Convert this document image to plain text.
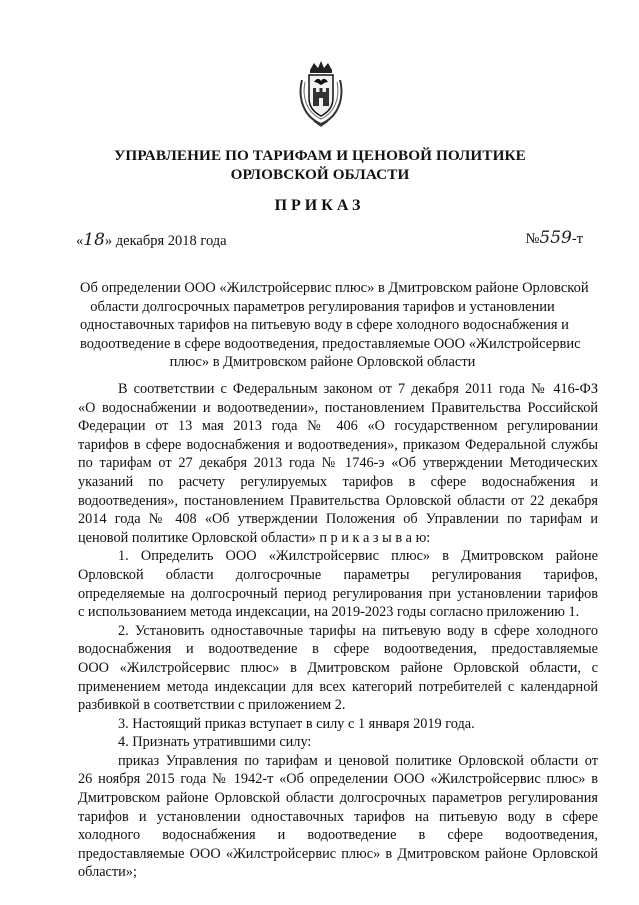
УПРАВЛЕНИЕ ПО ТАРИФАМ И ЦЕНОВОЙ ПОЛИТИКЕ
ОРЛОВСКОЙ ОБЛАСТИ
ПРИКАЗ
«18» декабря 2018 года	№559-т
Об определении ООО «Жилстройсервис плюс» в Дмитровском районе Орловской
области долгосрочных параметров регулирования тарифов и установлении
одноставочных тарифов на питьевую воду в сфере холодного водоснабжения и
водоотведение в сфере водоотведения, предоставляемые ООО «Жилстройсервис
плюс» в Дмитровском районе Орловской области
В соответствии с Федеральным законом от 7 декабря 2011 года № 416-ФЗ
«О водоснабжении и водоотведении», постановлением Правительства Российской
Федерации от 13 мая 2013 года № 406 «О государственном регулировании
тарифов в сфере водоснабжения и водоотведения», приказом Федеральной службы
по тарифам от 27 декабря 2013 года № 1746-э «Об утверждении Методических
указаний по расчету регулируемых тарифов в сфере водоснабжения и
водоотведения», постановлением Правительства Орловской области от 22 декабря
2014 года № 408 «Об утверждении Положения об Управлении по тарифам и
ценовой политике Орловской области» п р и к а з ы в а ю:
1. Определить ООО «Жилстройсервис плюс» в Дмитровском районе
Орловской области долгосрочные параметры регулирования тарифов,
определяемые на долгосрочный период регулирования при установлении тарифов
с использованием метода индексации, на 2019-2023 годы согласно приложению 1.
2. Установить одноставочные тарифы на питьевую воду в сфере холодного
водоснабжения и водоотведение в сфере водоотведения, предоставляемые
ООО «Жилстройсервис плюс» в Дмитровском районе Орловской области, с
применением метода индексации для всех категорий потребителей с календарной
разбивкой в соответствии с приложением 2.
3. Настоящий приказ вступает в силу с 1 января 2019 года.
4. Признать утратившими силу:
приказ Управления по тарифам и ценовой политике Орловской области от
26 ноября 2015 года № 1942-т «Об определении ООО «Жилстройсервис плюс» в
Дмитровском районе Орловской области долгосрочных параметров регулирования
тарифов и установлении одноставочных тарифов на питьевую воду в сфере
холодного водоснабжения и водоотведение в сфере водоотведения,
предоставляемые ООО «Жилстройсервис плюс» в Дмитровском районе Орловской
области»;
